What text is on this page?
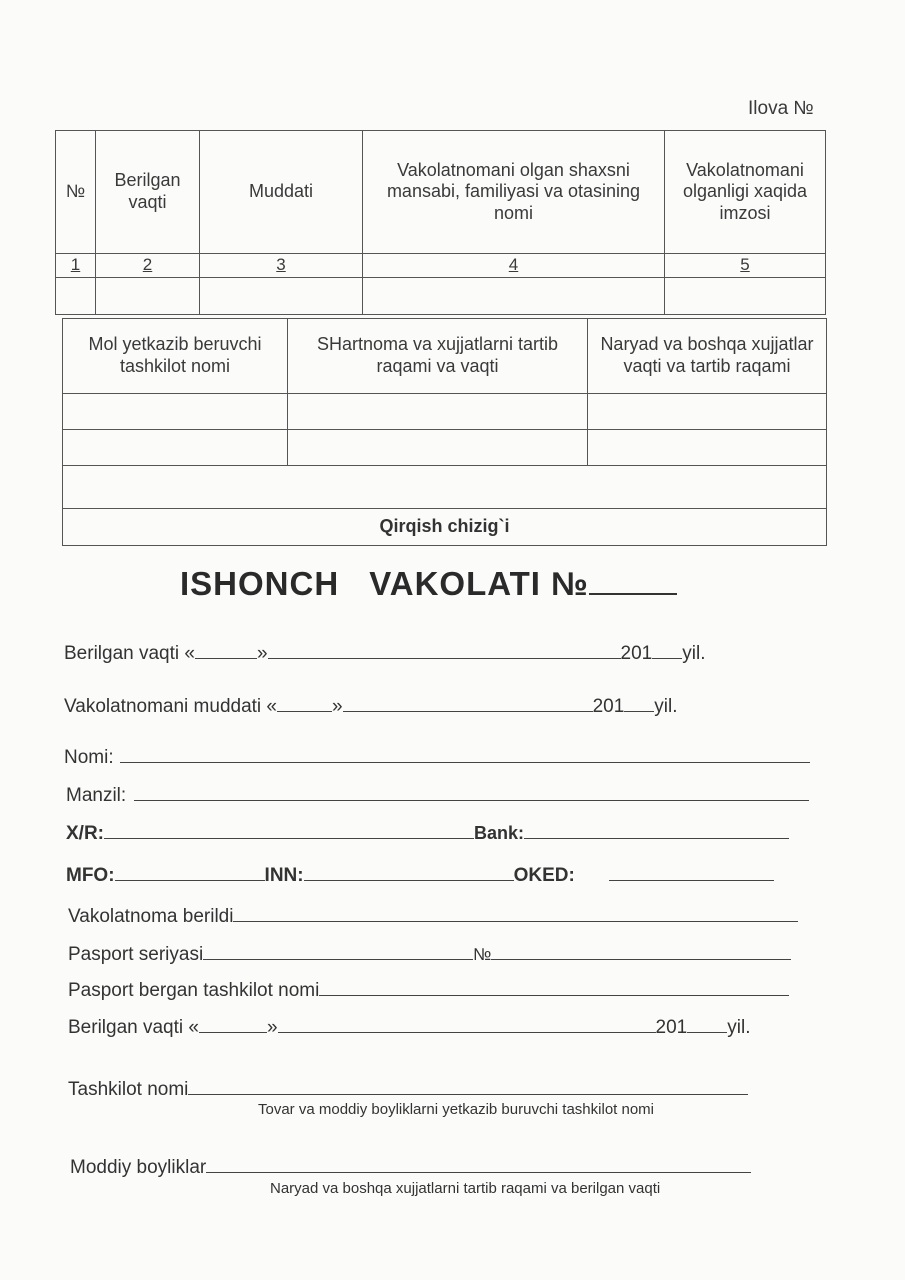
Ilova №
№	Berilgan vaqti	Muddati	Vakolatnomani olgan shaxsni mansabi, familiyasi va otasining nomi	Vakolatnomani olganligi xaqida imzosi
1	2	3	4	5

Mol yetkazib beruvchi tashkilot nomi	SHartnoma va xujjatlarni tartib raqami va vaqti	Naryad va boshqa xujjatlar vaqti va tartib raqami

Qirqish chizig`i		
ISHONCH VAKOLATI №
Berilgan vaqti «	»	201 yil.
Vakolatnomani muddati «	»	201 yil.
Nomi:
Manzil:
X/R:	Bank:
MFO:	INN:	OKED:
Vakolatnoma berildi
Pasport seriyasi	№
Pasport bergan tashkilot nomi
Berilgan vaqti «	»	201 yil.
Tashkilot nomi
Tovar va moddiy boyliklarni yetkazib buruvchi tashkilot nomi
Moddiy boyliklar
Naryad va boshqa xujjatlarni tartib raqami va berilgan vaqti
